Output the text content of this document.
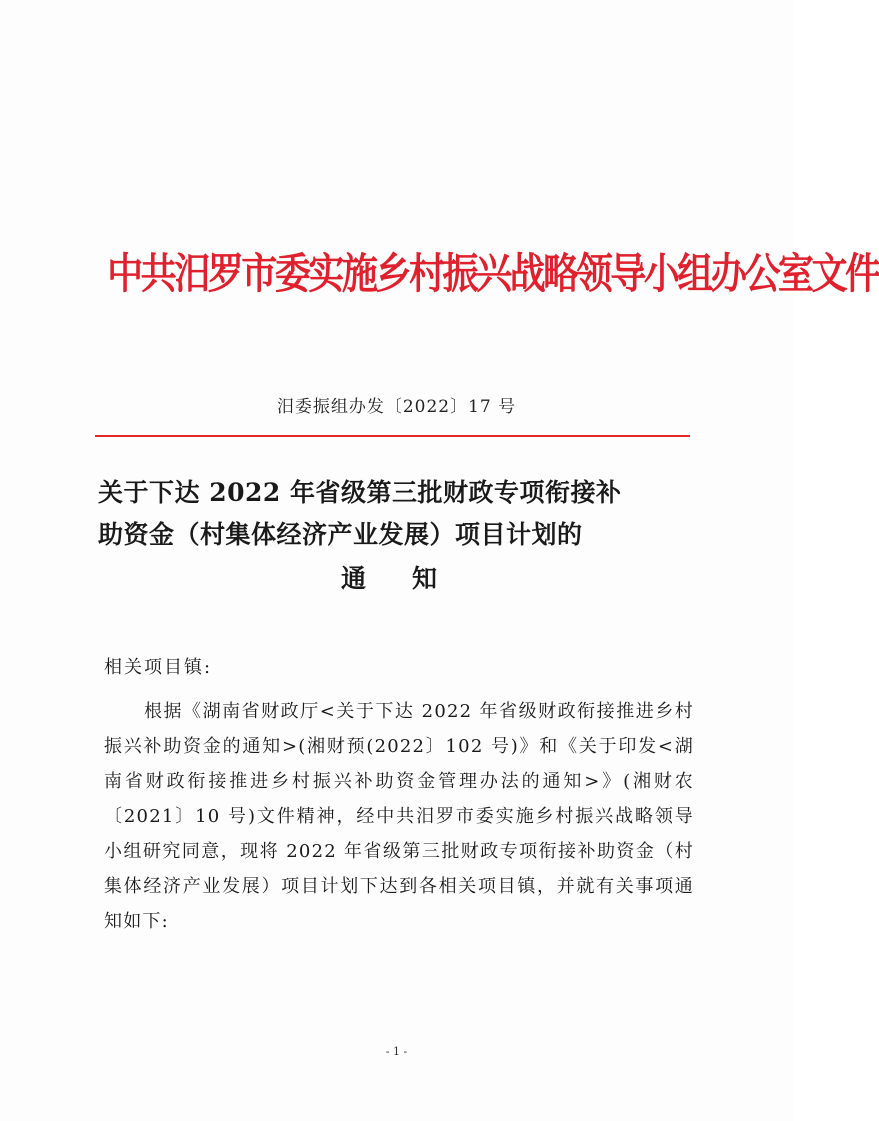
中共汨罗市委实施乡村振兴战略领导小组办公室文件
汨委振组办发〔2022〕17 号
关于下达 2022 年省级第三批财政专项衔接补
助资金（村集体经济产业发展）项目计划的
通知
相关项目镇:
根据《湖南省财政厅<关于下达 2022 年省级财政衔接推进乡村振兴补助资金的通知>(湘财预(2022〕102 号)》和《关于印发<湖南省财政衔接推进乡村振兴补助资金管理办法的通知>》(湘财农〔2021〕10 号)文件精神，经中共汨罗市委实施乡村振兴战略领导小组研究同意，现将 2022 年省级第三批财政专项衔接补助资金（村集体经济产业发展）项目计划下达到各相关项目镇，并就有关事项通知如下:
- 1 -
